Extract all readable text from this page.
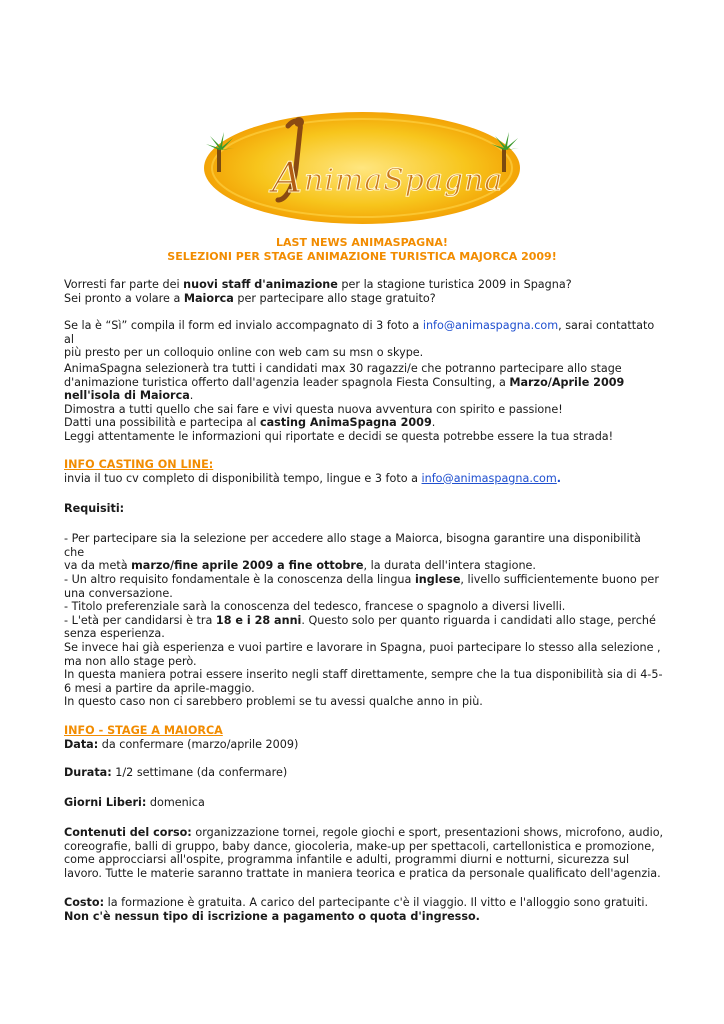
A nimaSpagna
LAST NEWS ANIMASPAGNA!
SELEZIONI PER STAGE ANIMAZIONE TURISTICA MAJORCA 2009!

Vorresti far parte dei nuovi staff d'animazione per la stagione turistica 2009 in Spagna?

Sei pronto a volare a Maiorca per partecipare allo stage gratuito?

Se la è “Sì” compila il form ed invialo accompagnato di 3 foto a info@animaspagna.com, sarai contattato al

più presto per un colloquio online con web cam su msn o skype.

AnimaSpagna selezionerà tra tutti i candidati max 30 ragazzi/e che potranno partecipare allo stage

d'animazione turistica offerto dall'agenzia leader spagnola Fiesta Consulting, a Marzo/Aprile 2009

nell'isola di Maiorca.

Dimostra a tutti quello che sai fare e vivi questa nuova avventura con spirito e passione!

Datti una possibilità e partecipa al casting AnimaSpagna 2009.

Leggi attentamente le informazioni qui riportate e decidi se questa potrebbe essere la tua strada!

INFO CASTING ON LINE:

invia il tuo cv completo di disponibilità tempo, lingue e 3 foto a info@animaspagna.com.

Requisiti:

- Per partecipare sia la selezione per accedere allo stage a Maiorca, bisogna garantire una disponibilità che

va da metà marzo/fine aprile 2009 a fine ottobre, la durata dell'intera stagione.

- Un altro requisito fondamentale è la conoscenza della lingua inglese, livello sufficientemente buono per

una conversazione.

- Titolo preferenziale sarà la conoscenza del tedesco, francese o spagnolo a diversi livelli.

- L'età per candidarsi è tra 18 e i 28 anni. Questo solo per quanto riguarda i candidati allo stage, perché

senza esperienza.

Se invece hai già esperienza e vuoi partire e lavorare in Spagna, puoi partecipare lo stesso alla selezione ,

ma non allo stage però.

In questa maniera potrai essere inserito negli staff direttamente, sempre che la tua disponibilità sia di 4-5-

6 mesi a partire da aprile-maggio.

In questo caso non ci sarebbero problemi se tu avessi qualche anno in più.

INFO - STAGE A MAIORCA

Data: da confermare (marzo/aprile 2009)

Durata: 1/2 settimane (da confermare)

Giorni Liberi: domenica

Contenuti del corso: organizzazione tornei, regole giochi e sport, presentazioni shows, microfono, audio,

coreografie, balli di gruppo, baby dance, giocoleria, make-up per spettacoli, cartellonistica e promozione,

come approcciarsi all'ospite, programma infantile e adulti, programmi diurni e notturni, sicurezza sul

lavoro. Tutte le materie saranno trattate in maniera teorica e pratica da personale qualificato dell'agenzia.

Costo: la formazione è gratuita. A carico del partecipante c'è il viaggio. Il vitto e l'alloggio sono gratuiti.

Non c'è nessun tipo di iscrizione a pagamento o quota d'ingresso.
